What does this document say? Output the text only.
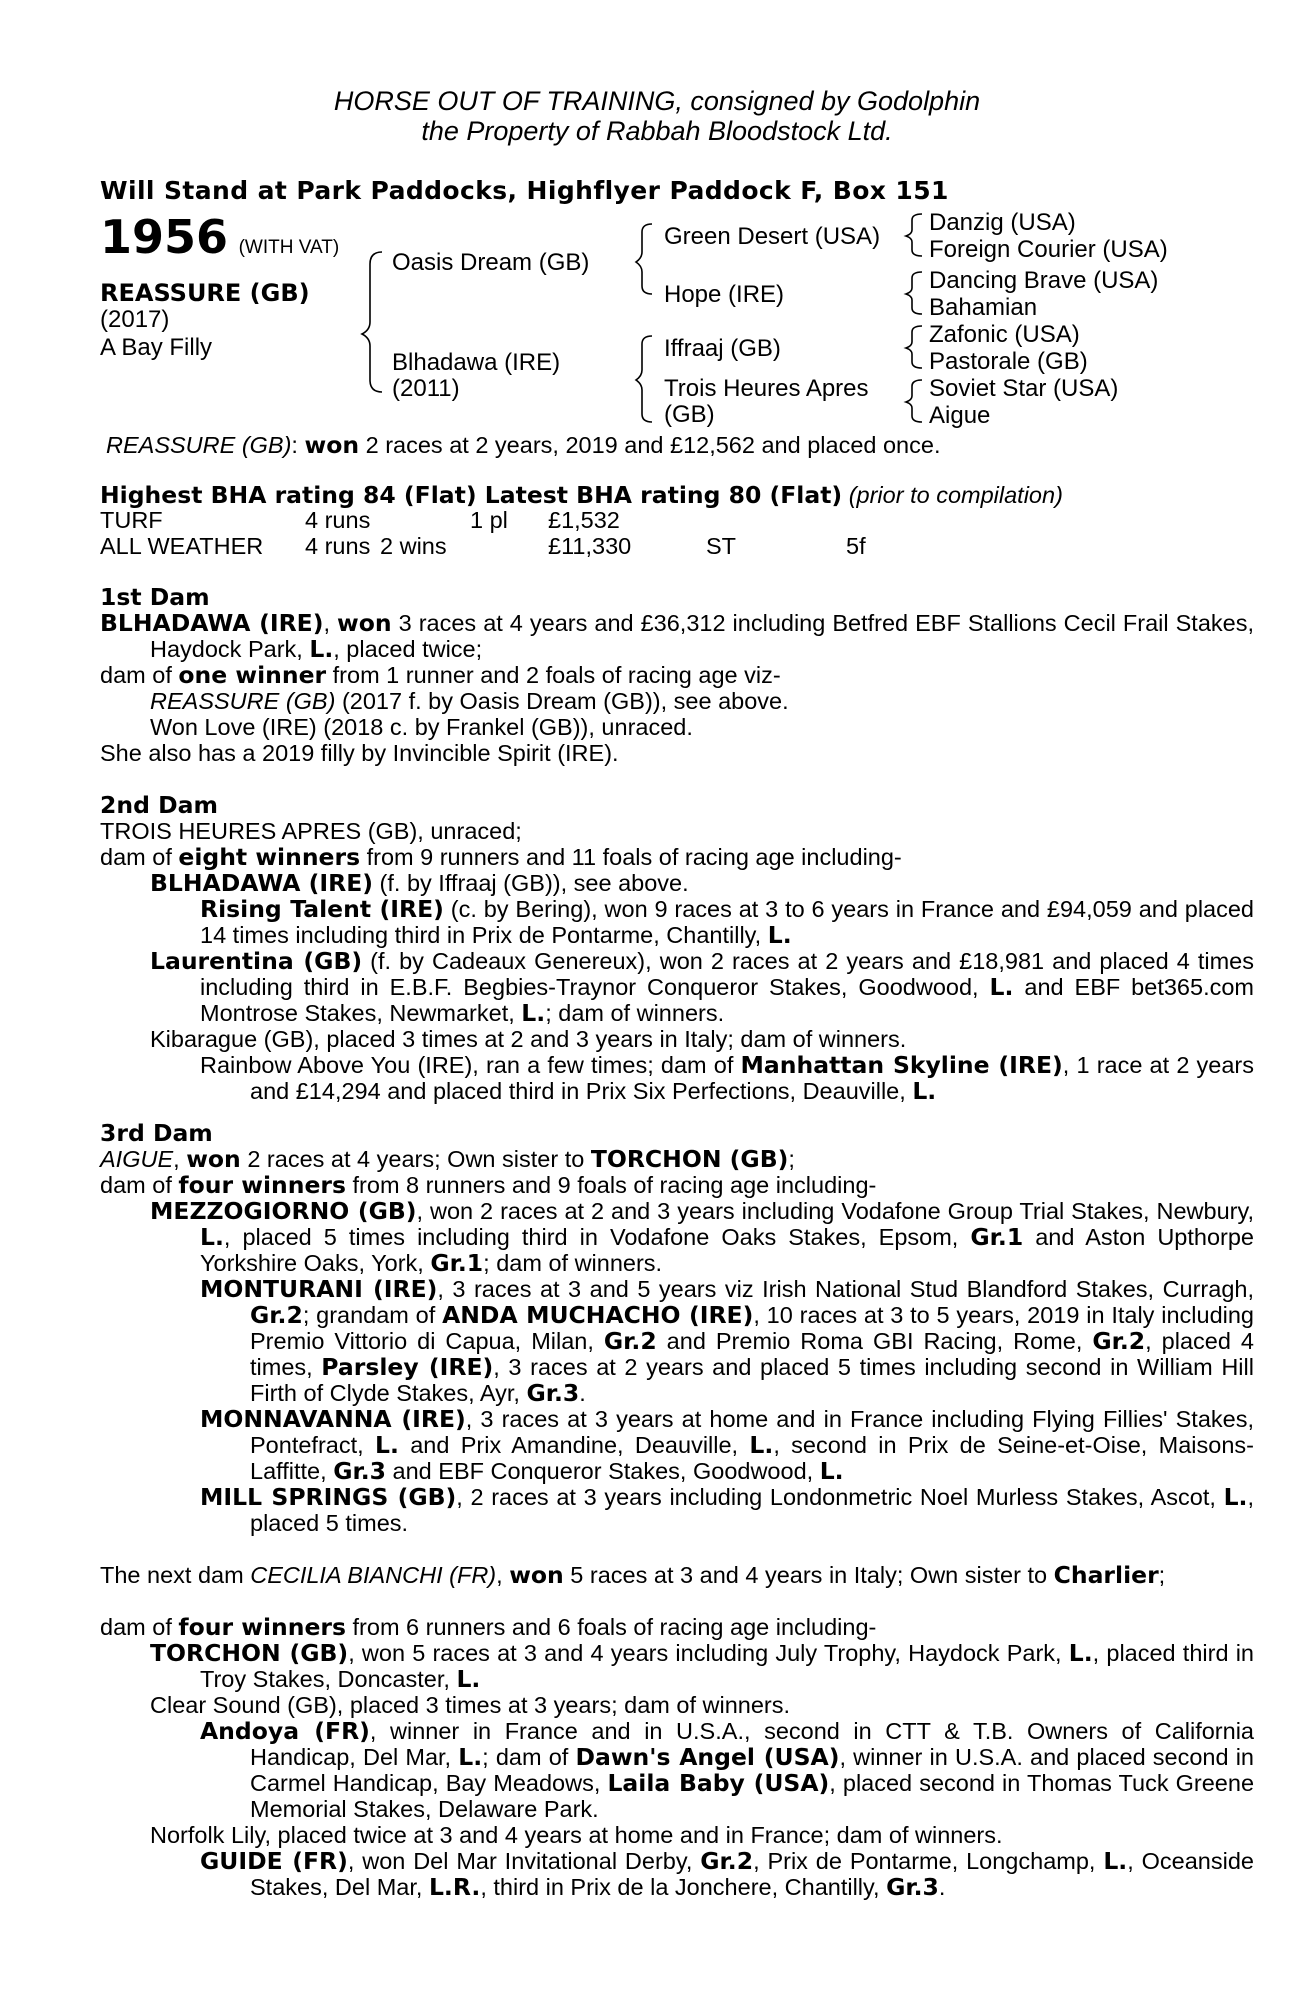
HORSE OUT OF TRAINING, consigned by Godolphin
the Property of Rabbah Bloodstock Ltd.
Will Stand at Park Paddocks, Highflyer Paddock F, Box 151
1956 (WITH VAT)
REASSURE (GB)
(2017)
A Bay Filly
Oasis Dream (GB)
Blhadawa (IRE)
(2011)
Green Desert (USA)
Hope (IRE)
Iffraaj (GB)
Trois Heures Apres
(GB)
Danzig (USA)
Foreign Courier (USA)
Dancing Brave (USA)
Bahamian
Zafonic (USA)
Pastorale (GB)
Soviet Star (USA)
Aigue
REASSURE (GB): won 2 races at 2 years, 2019 and £12,562 and placed once.
Highest BHA rating 84 (Flat) Latest BHA rating 80 (Flat) (prior to compilation)
TURF	4 runs	1 pl £1,532
ALL WEATHER 4 runs 2 wins	£11,330	ST	5f
1st Dam
BLHADAWA (IRE), won 3 races at 4 years and £36,312 including Betfred EBF Stallions Cecil Frail Stakes, Haydock Park, L., placed twice;
dam of one winner from 1 runner and 2 foals of racing age viz-
REASSURE (GB) (2017 f. by Oasis Dream (GB)), see above.
Won Love (IRE) (2018 c. by Frankel (GB)), unraced.
She also has a 2019 filly by Invincible Spirit (IRE).
2nd Dam
TROIS HEURES APRES (GB), unraced;
dam of eight winners from 9 runners and 11 foals of racing age including-
BLHADAWA (IRE) (f. by Iffraaj (GB)), see above.
Rising Talent (IRE) (c. by Bering), won 9 races at 3 to 6 years in France and £94,059 and placed 14 times including third in Prix de Pontarme, Chantilly, L.
Laurentina (GB) (f. by Cadeaux Genereux), won 2 races at 2 years and £18,981 and placed 4 times including third in E.B.F. Begbies-Traynor Conqueror Stakes, Goodwood, L. and EBF bet365.com Montrose Stakes, Newmarket, L.; dam of winners.
Kibarague (GB), placed 3 times at 2 and 3 years in Italy; dam of winners.
Rainbow Above You (IRE), ran a few times; dam of Manhattan Skyline (IRE), 1 race at 2 years and £14,294 and placed third in Prix Six Perfections, Deauville, L.
3rd Dam
AIGUE, won 2 races at 4 years; Own sister to TORCHON (GB);
dam of four winners from 8 runners and 9 foals of racing age including-
MEZZOGIORNO (GB), won 2 races at 2 and 3 years including Vodafone Group Trial Stakes, Newbury, L., placed 5 times including third in Vodafone Oaks Stakes, Epsom, Gr.1 and Aston Upthorpe Yorkshire Oaks, York, Gr.1; dam of winners.
MONTURANI (IRE), 3 races at 3 and 5 years viz Irish National Stud Blandford Stakes, Curragh, Gr.2; grandam of ANDA MUCHACHO (IRE), 10 races at 3 to 5 years, 2019 in Italy including Premio Vittorio di Capua, Milan, Gr.2 and Premio Roma GBI Racing, Rome, Gr.2, placed 4 times, Parsley (IRE), 3 races at 2 years and placed 5 times including second in William Hill Firth of Clyde Stakes, Ayr, Gr.3.
MONNAVANNA (IRE), 3 races at 3 years at home and in France including Flying Fillies' Stakes, Pontefract, L. and Prix Amandine, Deauville, L., second in Prix de Seine-et-Oise, Maisons-Laffitte, Gr.3 and EBF Conqueror Stakes, Goodwood, L.
MILL SPRINGS (GB), 2 races at 3 years including Londonmetric Noel Murless Stakes, Ascot, L., placed 5 times.
The next dam CECILIA BIANCHI (FR), won 5 races at 3 and 4 years in Italy; Own sister to Charlier;
dam of four winners from 6 runners and 6 foals of racing age including-
TORCHON (GB), won 5 races at 3 and 4 years including July Trophy, Haydock Park, L., placed third in Troy Stakes, Doncaster, L.
Clear Sound (GB), placed 3 times at 3 years; dam of winners.
Andoya (FR), winner in France and in U.S.A., second in CTT & T.B. Owners of California Handicap, Del Mar, L.; dam of Dawn's Angel (USA), winner in U.S.A. and placed second in Carmel Handicap, Bay Meadows, Laila Baby (USA), placed second in Thomas Tuck Greene Memorial Stakes, Delaware Park.
Norfolk Lily, placed twice at 3 and 4 years at home and in France; dam of winners.
GUIDE (FR), won Del Mar Invitational Derby, Gr.2, Prix de Pontarme, Longchamp, L., Oceanside Stakes, Del Mar, L.R., third in Prix de la Jonchere, Chantilly, Gr.3.
